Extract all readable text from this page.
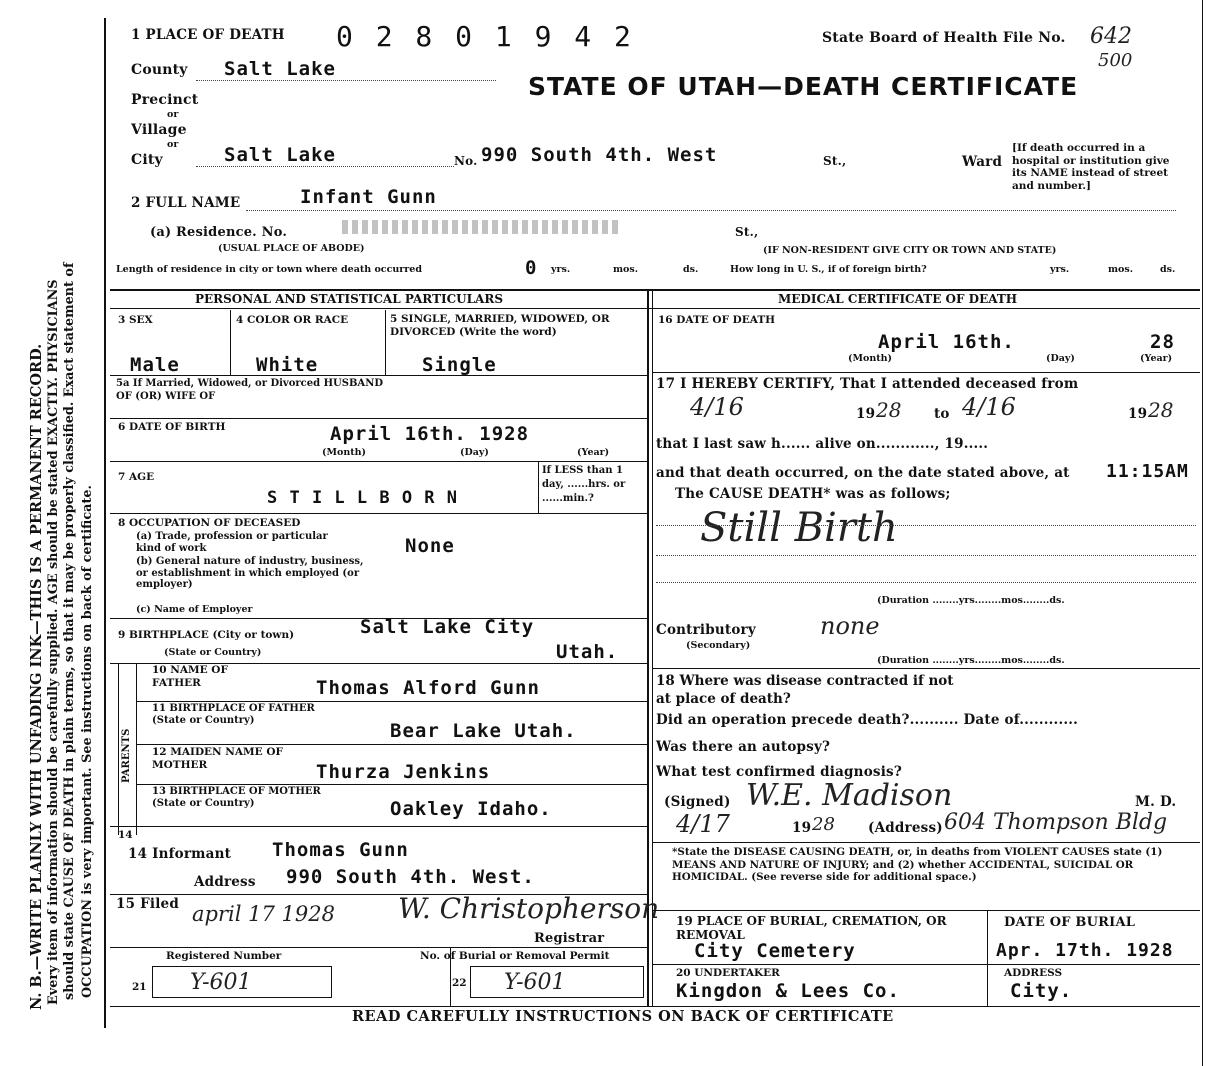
N. B.—WRITE PLAINLY WITH UNFADING INK—THIS IS A PERMANENT RECORD. Every item of information should be carefully supplied. AGE should be stated EXACTLY. PHYSICIANS should state CAUSE OF DEATH in plain terms, so that it may be properly classified. Exact statement of OCCUPATION is very important. See instructions on back of certificate.
1 PLACE OF DEATH 0 2 8 0 1 9 4 2	State Board of Health File No. 642
500
STATE OF UTAH—DEATH CERTIFICATE
County Salt Lake
Precinct
or
Village
or
City	Salt Lake	No. 990 South 4th. West	St.,	Ward
[If death occurred in a hospital or institution give its NAME instead of street and number.]
2 FULL NAME	Infant Gunn
(a) Residence. No.	St.,
(USUAL PLACE OF ABODE)	(IF NON-RESIDENT GIVE CITY OR TOWN AND STATE)
Length of residence in city or town where death occurred	0 yrs.	mos.	ds.	How long in U. S., if of foreign birth?	yrs.	mos.	ds.
PERSONAL AND STATISTICAL PARTICULARS
3 SEX	4 COLOR OR RACE	5 SINGLE, MARRIED, WIDOWED, OR DIVORCED (Write the word)
Male	White	Single
5a If Married, Widowed, or Divorced HUSBAND OF (OR) WIFE OF
6 DATE OF BIRTH	April 16th. 1928
(Month)	(Day)	(Year)
7 AGE
S T I L L B O R N
If LESS than 1 day, ......hrs. or ......min.?
8 OCCUPATION OF DECEASED
(a) Trade, profession or particular kind of work	None
(b) General nature of industry, business, or establishment in which employed (or employer)
(c) Name of Employer
9 BIRTHPLACE (City or town)	Salt Lake City
(State or Country)	Utah.
PARENTS
10 NAME OF FATHER	Thomas Alford Gunn
11 BIRTHPLACE OF FATHER (State or Country)	Bear Lake Utah.
12 MAIDEN NAME OF MOTHER	Thurza Jenkins
13 BIRTHPLACE OF MOTHER (State or Country)	Oakley Idaho.
14
14 Informant Thomas Gunn
Address 990 South 4th. West.
15 Filed april 17 1928 W. Christopherson
Registrar
Registered Number	No. of Burial or Removal Permit
21 Y-601	22 Y-601
MEDICAL CERTIFICATE OF DEATH
16 DATE OF DEATH
April 16th.	28
(Month)	(Day)	(Year)
17 I HEREBY CERTIFY, That I attended deceased from
4/16	19 28 to 4/16	19 28
that I last saw h...... alive on............, 19.....
and that death occurred, on the date stated above, at 11:15AM
The CAUSE DEATH* was as follows;
Still Birth
(Duration ........yrs........mos........ds.
Contributory
(Secondary)
none
(Duration ........yrs........mos........ds.
18 Where was disease contracted if not at place of death?
Did an operation precede death?.......... Date of............
Was there an autopsy?
What test confirmed diagnosis?
(Signed) W.E. Madison	M. D.
4/17	19 28 (Address) 604 Thompson Bldg
*State the DISEASE CAUSING DEATH, or, in deaths from VIOLENT CAUSES state (1) MEANS AND NATURE OF INJURY; and (2) whether ACCIDENTAL, SUICIDAL OR HOMICIDAL. (See reverse side for additional space.)
19 PLACE OF BURIAL, CREMATION, OR REMOVAL
City Cemetery
DATE OF BURIAL
Apr. 17th. 1928
20 UNDERTAKER
Kingdon & Lees Co.
ADDRESS
City.
READ CAREFULLY INSTRUCTIONS ON BACK OF CERTIFICATE
